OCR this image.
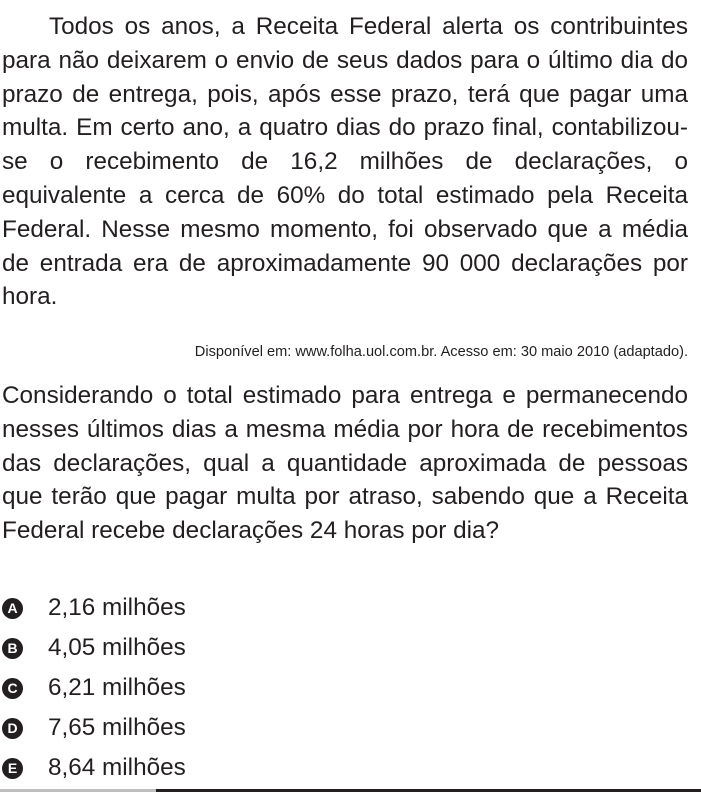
Todos os anos, a Receita Federal alerta os contribuintes para não deixarem o envio de seus dados para o último dia do prazo de entrega, pois, após esse prazo, terá que pagar uma multa. Em certo ano, a quatro dias do prazo final, contabilizou-se o recebimento de 16,2 milhões de declarações, o equivalente a cerca de 60% do total estimado pela Receita Federal. Nesse mesmo momento, foi observado que a média de entrada era de aproximadamente 90 000 declarações por hora.

Disponível em: www.folha.uol.com.br. Acesso em: 30 maio 2010 (adaptado).

Considerando o total estimado para entrega e permanecendo nesses últimos dias a mesma média por hora de recebimentos das declarações, qual a quantidade aproximada de pessoas que terão que pagar multa por atraso, sabendo que a Receita Federal recebe declarações 24 horas por dia?

A 2,16 milhões
B 4,05 milhões
C 6,21 milhões
D 7,65 milhões
E 8,64 milhões
